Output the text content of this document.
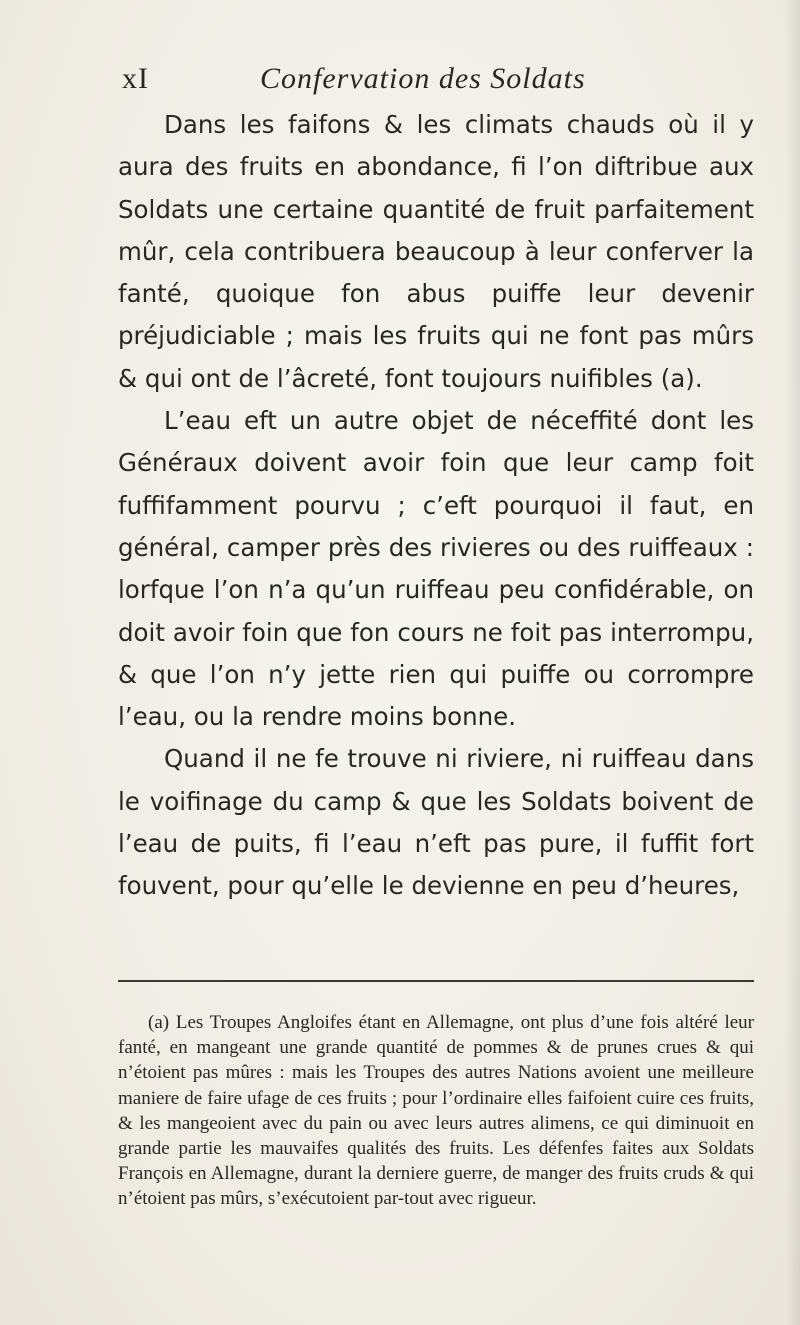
xI	Confervation des Soldats

Dans les faifons & les climats chauds où il y aura des fruits en abondance, fi l’on diftribue aux Soldats une certaine quantité de fruit parfaitement mûr, cela contribuera beaucoup à leur conferver la fanté, quoique fon abus puiffe leur devenir préjudiciable ; mais les fruits qui ne font pas mûrs & qui ont de l’âcreté, font toujours nuifibles (a).

L’eau eft un autre objet de néceffité dont les Généraux doivent avoir foin que leur camp foit fuffifamment pourvu ; c’eft pourquoi il faut, en général, camper près des rivieres ou des ruiffeaux : lorfque l’on n’a qu’un ruiffeau peu confidérable, on doit avoir foin que fon cours ne foit pas interrompu, & que l’on n’y jette rien qui puiffe ou corrompre l’eau, ou la rendre moins bonne.

Quand il ne fe trouve ni riviere, ni ruiffeau dans le voifinage du camp & que les Soldats boivent de l’eau de puits, fi l’eau n’eft pas pure, il fuffit fort fouvent, pour qu’elle le devienne en peu d’heures,

(a) Les Troupes Angloifes étant en Allemagne, ont plus d’une fois altéré leur fanté, en mangeant une grande quantité de pommes & de prunes crues & qui n’étoient pas mûres : mais les Troupes des autres Nations avoient une meilleure maniere de faire ufage de ces fruits ; pour l’ordinaire elles faifoient cuire ces fruits, & les mangeoient avec du pain ou avec leurs autres alimens, ce qui diminuoit en grande partie les mauvaifes qualités des fruits. Les défenfes faites aux Soldats François en Allemagne, durant la derniere guerre, de manger des fruits cruds & qui n’étoient pas mûrs, s’exécutoient par-tout avec rigueur.
